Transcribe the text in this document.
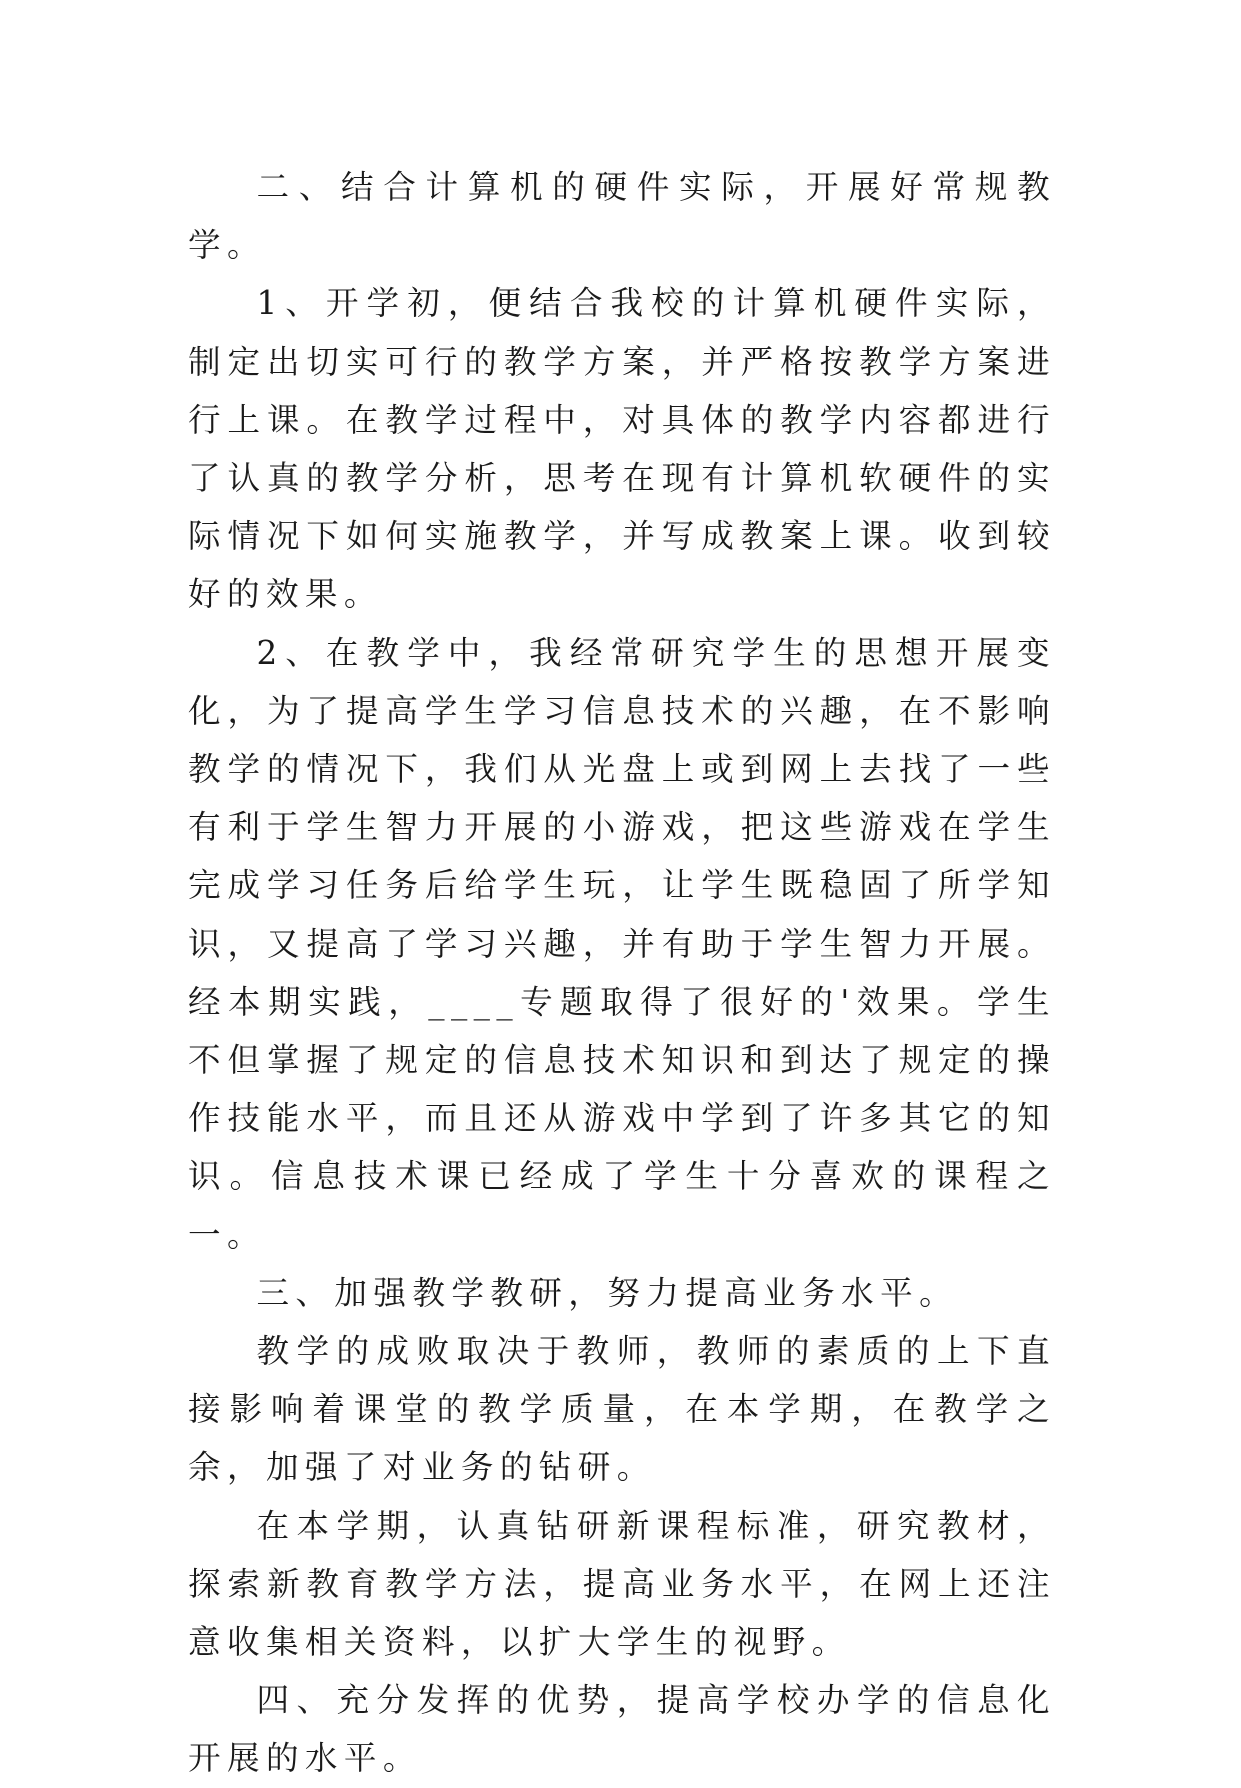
二、结合计算机的硬件实际，开展好常规教学。

1、开学初，便结合我校的计算机硬件实际，制定出切实可行的教学方案，并严格按教学方案进行上课。在教学过程中，对具体的教学内容都进行了认真的教学分析，思考在现有计算机软硬件的实际情况下如何实施教学，并写成教案上课。收到较好的效果。

2、在教学中，我经常研究学生的思想开展变化，为了提高学生学习信息技术的兴趣，在不影响教学的情况下，我们从光盘上或到网上去找了一些有利于学生智力开展的小游戏，把这些游戏在学生完成学习任务后给学生玩，让学生既稳固了所学知识，又提高了学习兴趣，并有助于学生智力开展。经本期实践，____专题取得了很好的'效果。学生不但掌握了规定的信息技术知识和到达了规定的操作技能水平，而且还从游戏中学到了许多其它的知识。信息技术课已经成了学生十分喜欢的课程之一。

三、加强教学教研，努力提高业务水平。

教学的成败取决于教师，教师的素质的上下直接影响着课堂的教学质量，在本学期，在教学之余，加强了对业务的钻研。

在本学期，认真钻研新课程标准，研究教材，探索新教育教学方法，提高业务水平，在网上还注意收集相关资料，以扩大学生的视野。

四、充分发挥的优势，提高学校办学的信息化开展的水平。
